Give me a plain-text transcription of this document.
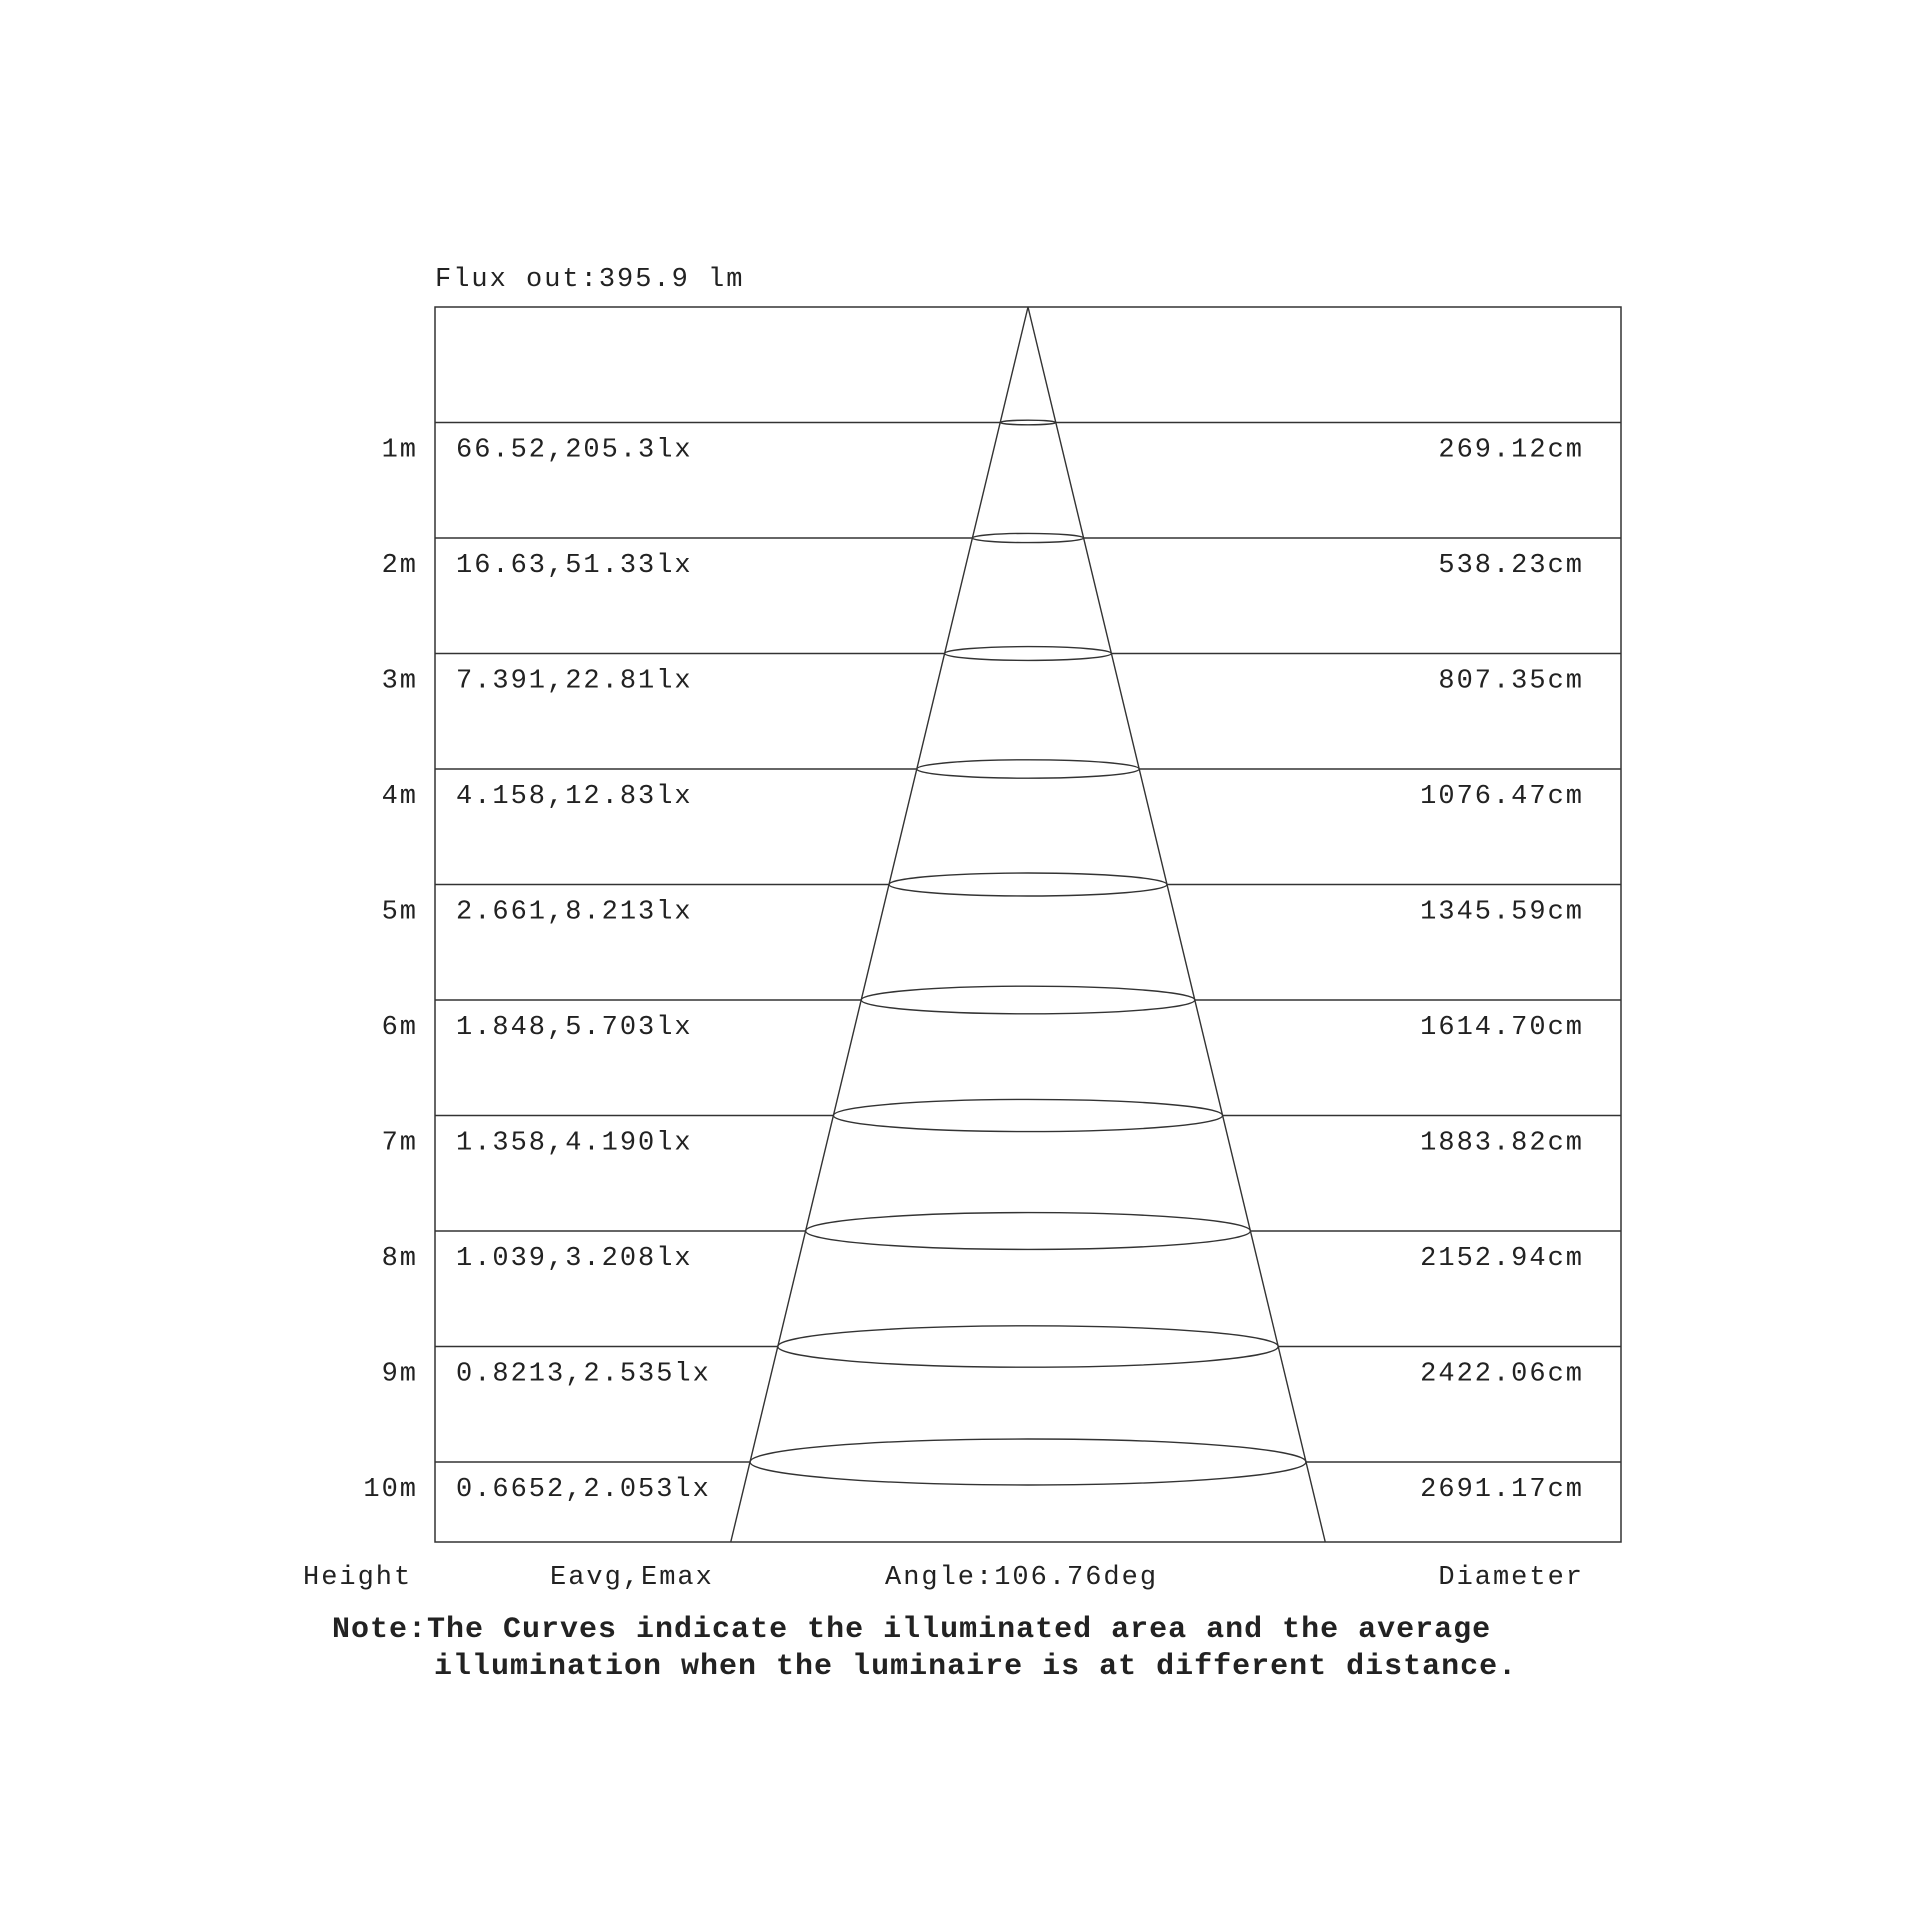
Flux out:395.9 lm
1m 66.52,205.3lx	269.12cm
2m 16.63,51.33lx	538.23cm
3m 7.391,22.81lx	807.35cm
4m 4.158,12.83lx	1076.47cm
5m 2.661,8.213lx	1345.59cm
6m 1.848,5.703lx	1614.70cm
7m 1.358,4.190lx	1883.82cm
8m 1.039,3.208lx	2152.94cm
9m 0.8213,2.535lx	2422.06cm
10m 0.6652,2.053lx	2691.17cm
Height	Eavg,Emax	Angle:106.76deg	Diameter
Note:The Curves indicate the illuminated area and the average
illumination when the luminaire is at different distance.
